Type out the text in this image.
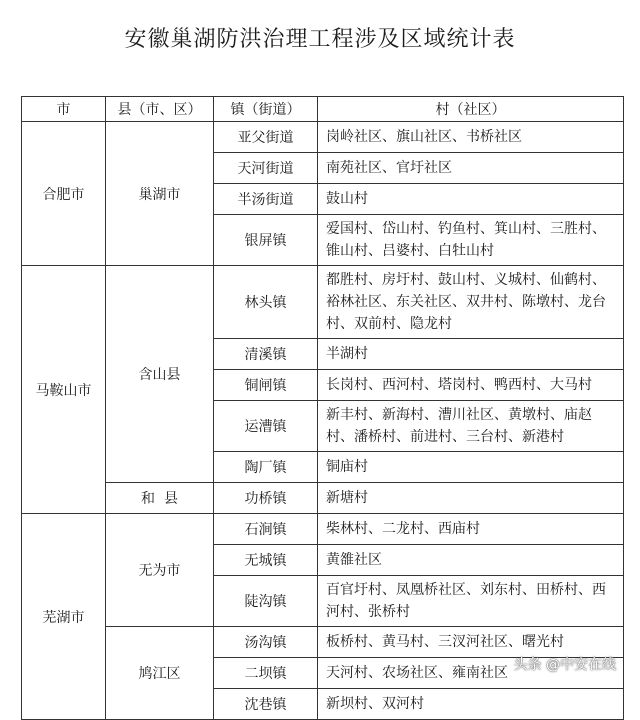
安徽巢湖防洪治理工程涉及区域统计表
市	县（市、区）	镇（街道）	村（社区）
合肥市	巢湖市	亚父街道	岗岭社区、旗山社区、书桥社区
		天河街道	南苑社区、官圩社区
		半汤街道	鼓山村
		银屏镇	爱国村、岱山村、钓鱼村、箕山村、三胜村、锥山村、吕婆村、白牡山村
马鞍山市	含山县	林头镇	都胜村、房圩村、鼓山村、义城村、仙鹤村、裕林社区、东关社区、双井村、陈墩村、龙台村、双前村、隐龙村
		清溪镇	半湖村
		铜闸镇	长岗村、西河村、塔岗村、鸭西村、大马村
		运漕镇	新丰村、新海村、漕川社区、黄墩村、庙赵村、潘桥村、前进村、三台村、新港村
		陶厂镇	铜庙村
	和  县	功桥镇	新塘村
芜湖市	无为市	石涧镇	柴林村、二龙村、西庙村
		无城镇	黄雒社区
		陡沟镇	百官圩村、凤凰桥社区、刘东村、田桥村、西河村、张桥村
	鸠江区	汤沟镇	板桥村、黄马村、三汊河社区、曙光村
		二坝镇	天河村、农场社区、雍南社区
		沈巷镇	新坝村、双河村
头条 @中安在线
